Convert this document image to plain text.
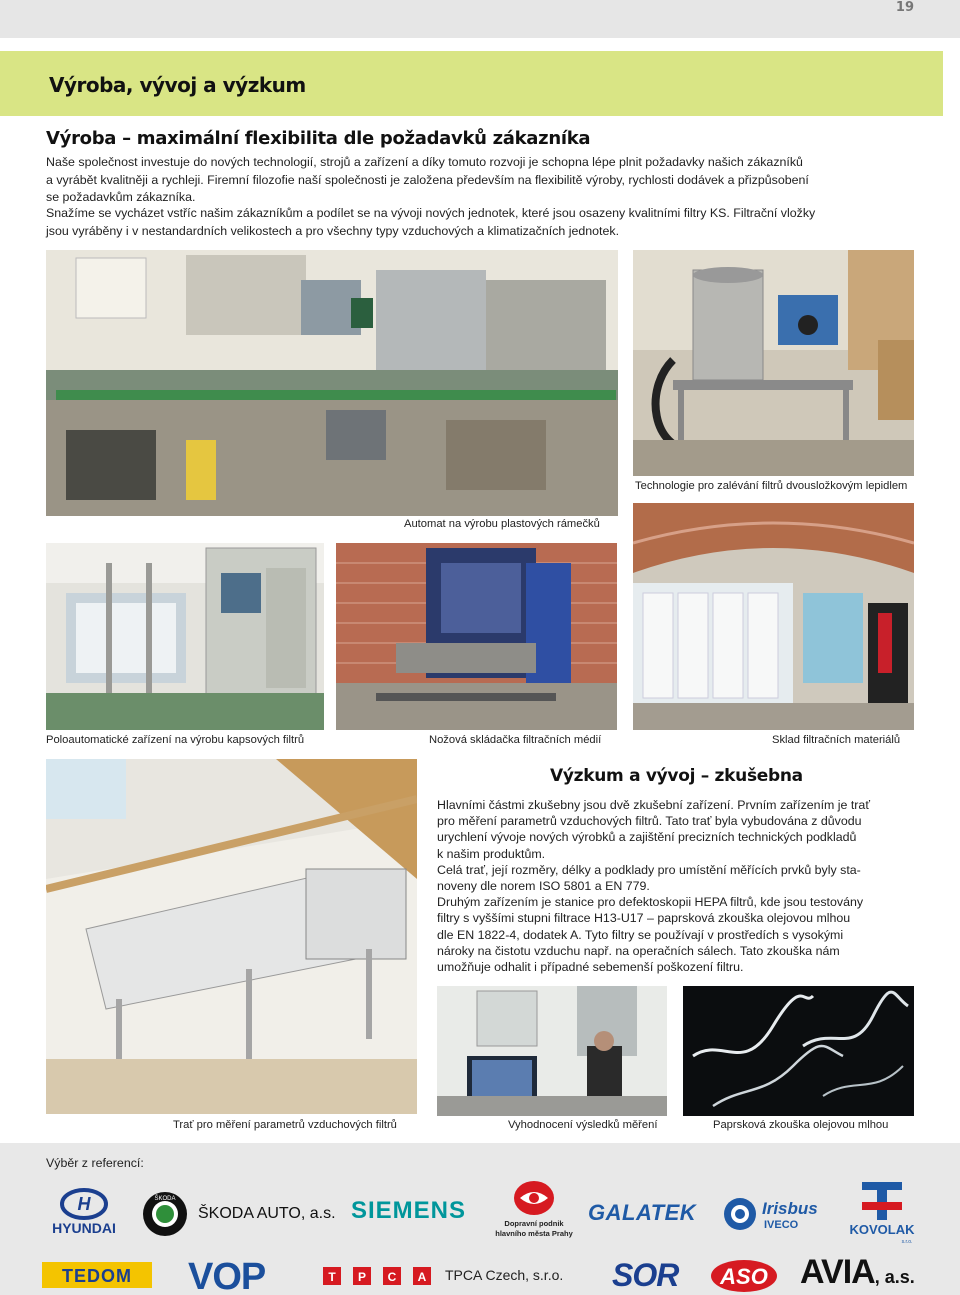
19
Výroba, vývoj a výzkum
Výroba – maximální flexibilita dle požadavků zákazníka

Naše společnost investuje do nových technologií, strojů a zařízení a díky tomuto rozvoji je schopna lépe plnit požadavky našich zákazníků
a vyrábět kvalitněji a rychleji. Firemní filozofie naší společnosti je založena především na flexibilitě výroby, rychlosti dodávek a přizpůsobení
se požadavkům zákazníka.

Snažíme se vycházet vstříc našim zákazníkům a podílet se na vývoji nových jednotek, které jsou osazeny kvalitními filtry KS. Filtrační vložky
jsou vyráběny i v nestandardních velikostech a pro všechny typy vzduchových a klimatizačních jednotek.

Automat na výrobu plastových rámečků
Technologie pro zalévání filtrů dvousložkovým lepidlem
Poloautomatické zařízení na výrobu kapsových filtrů	Nožová skládačka filtračních médií	Sklad filtračních materiálů
Trať pro měření parametrů vzduchových filtrů
Výzkum a vývoj – zkušebna

Hlavními částmi zkušebny jsou dvě zkušební zařízení. Prvním zařízením je trať
pro měření parametrů vzduchových filtrů. Tato trať byla vybudována z důvodu
urychlení vývoje nových výrobků a zajištění precizních technických podkladů
k našim produktům.
Celá trať, její rozměry, délky a podklady pro umístění měřících prvků byly sta-
noveny dle norem ISO 5801 a EN 779.
Druhým zařízením je stanice pro defektoskopii HEPA filtrů, kde jsou testovány
filtry s vyššími stupni filtrace H13-U17 – paprsková zkouška olejovou mlhou
dle EN 1822-4, dodatek A. Tyto filtry se používají v prostředích s vysokými
nároky na čistotu vzduchu např. na operačních sálech. Tato zkouška nám
umožňuje odhalit i případné sebemenší poškození filtru.

Vyhodnocení výsledků měření	Paprsková zkouška olejovou mlhou
Výběr z referencí:
H
HYUNDAI
ŠKODA
ŠKODA AUTO, a.s. SIEMENS	Dopravní podnik
hlavního města Prahy
GALATEK	Irisbus
IVECO	KOVOLAK
s.r.o.
TEDOM VOP	T P C A TPCA Czech, s.r.o. SOR ASO AVIA, a.s.
